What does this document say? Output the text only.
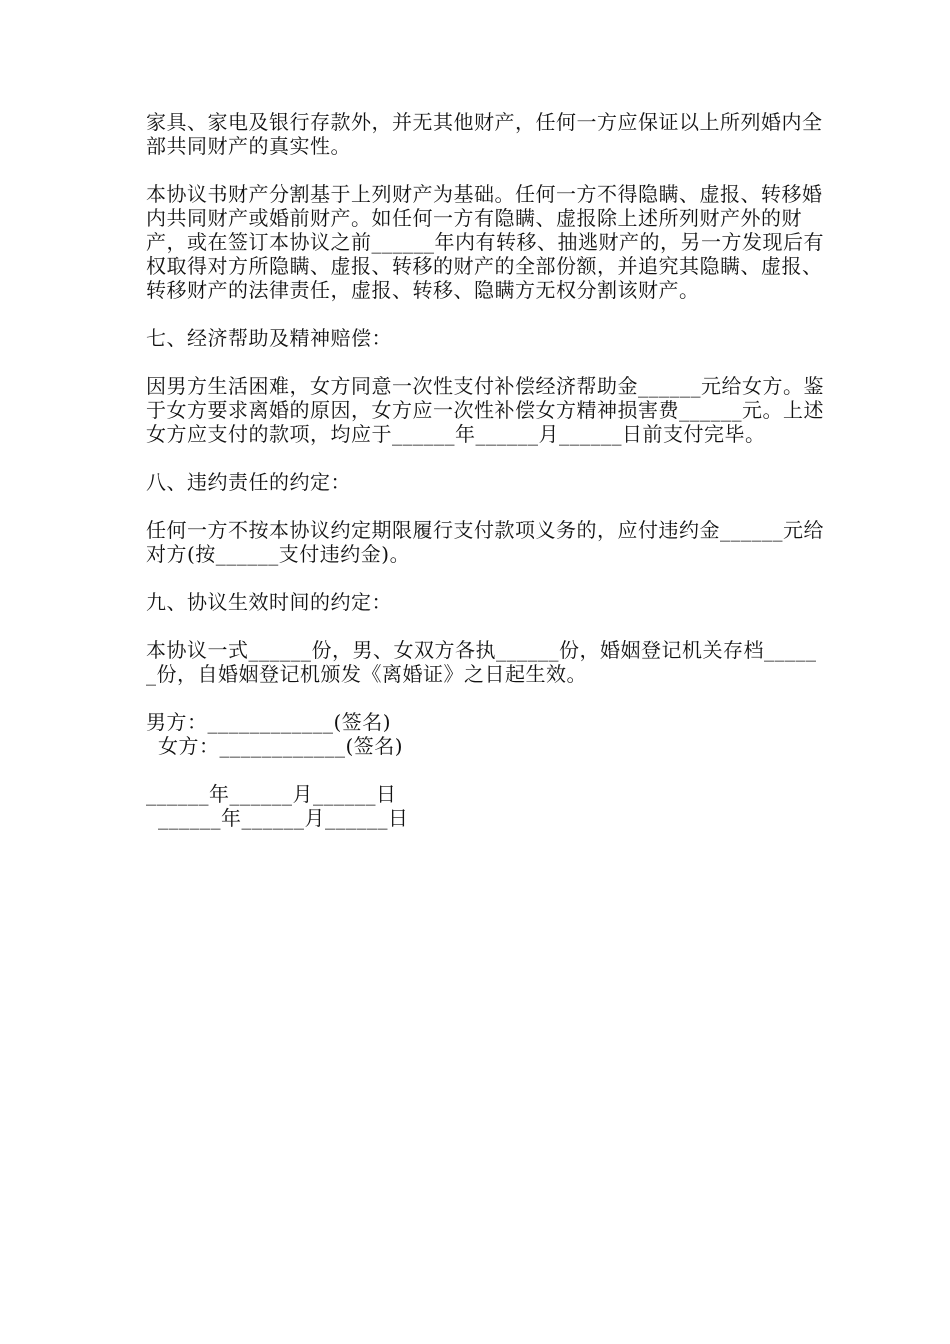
家具、家电及银行存款外，并无其他财产，任何一方应保证以上所列婚内全部共同财产的真实性。

本协议书财产分割基于上列财产为基础。任何一方不得隐瞒、虚报、转移婚内共同财产或婚前财产。如任何一方有隐瞒、虚报除上述所列财产外的财产，或在签订本协议之前______年内有转移、抽逃财产的，另一方发现后有权取得对方所隐瞒、虚报、转移的财产的全部份额，并追究其隐瞒、虚报、转移财产的法律责任，虚报、转移、隐瞒方无权分割该财产。

七、经济帮助及精神赔偿：

因男方生活困难，女方同意一次性支付补偿经济帮助金______元给女方。鉴于女方要求离婚的原因，女方应一次性补偿女方精神损害费______元。上述女方应支付的款项，均应于______年______月______日前支付完毕。

八、违约责任的约定：

任何一方不按本协议约定期限履行支付款项义务的，应付违约金______元给对方(按______支付违约金)。

九、协议生效时间的约定：

本协议一式______份，男、女双方各执______份，婚姻登记机关存档______份，自婚姻登记机颁发《离婚证》之日起生效。

男方：____________(签名)

女方：____________(签名)

______年______月______日

______年______月______日
